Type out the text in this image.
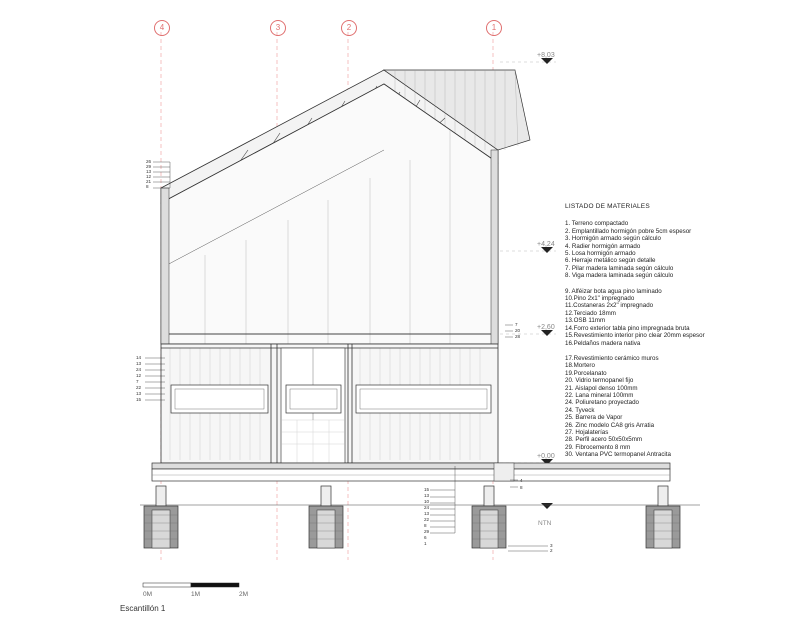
4	3	2	1
+8,03
+4,24
+2,60
+0,00
NTN
26
29
13
12
21
8
14
13
24
12
7
22
13
15
15
13
10
24
13
22
8
29
6
1
7
20
28
4
8
3
2
LISTADO DE MATERIALES
1. Terreno compactado
2. Emplantillado hormigón pobre 5cm espesor
3. Hormigón armado según cálculo
4. Radier hormigón armado
5. Losa hormigón armado
6. Herraje metálico según detalle
7. Pilar madera laminada según cálculo
8. Viga madera laminada según cálculo
9. Alféizar bota agua pino laminado
10.Pino 2x1" impregnado
11.Costaneras 2x2" impregnado
12.Terciado 18mm
13.OSB 11mm
14.Forro exterior tabla pino impregnada bruta
15.Revestimiento interior pino clear 20mm espesor
16.Peldaños madera nativa
17.Revestimiento cerámico muros
18.Mortero
19.Porcelanato
20. Vidrio termopanel fijo
21. Aislapol denso 100mm
22. Lana mineral 100mm
24. Poliuretano proyectado
24. Tyveck
25. Barrera de Vapor
26. Zinc modelo CA8 gris Arratia
27. Hojalaterías
28. Perfil acero 50x50x5mm
29. Fibrocemento 8 mm
30. Ventana PVC termopanel Antracita
0M	1M	2M
Escantillón 1
